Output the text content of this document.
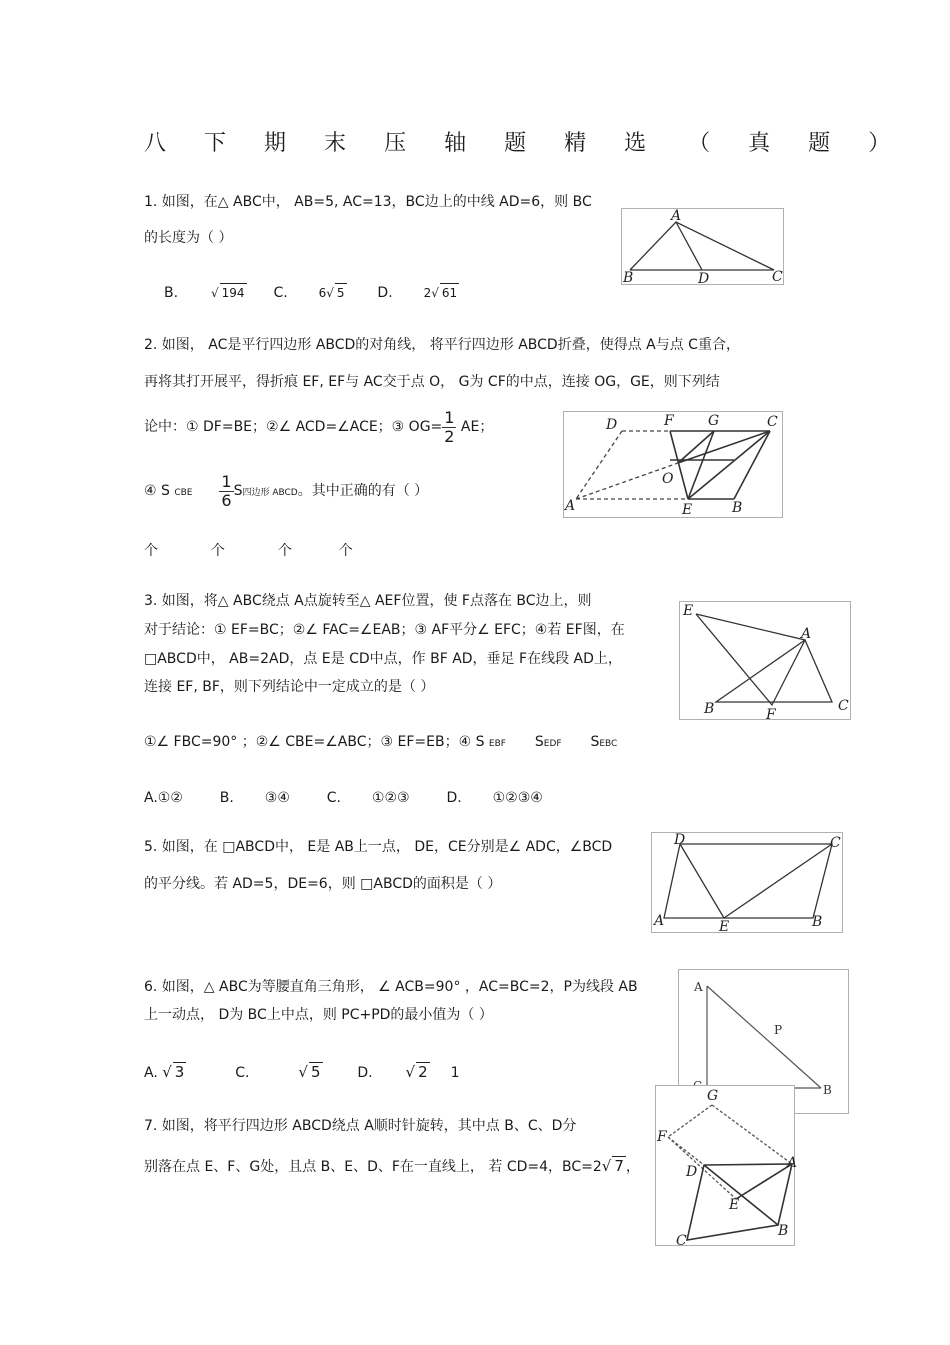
八 下 期 末 压 轴 题 精 选 （ 真 题 ）
1. 如图，在△ ABC中， AB=5, AC=13，BC边上的中线 AD=6，则 BC
的长度为（ ）
B.	√ 194 C.	6√ 5 D.	2√ 61
A
B	D	C
2. 如图， AC是平行四边形 ABCD的对角线， 将平行四边形 ABCD折叠，使得点 A与点 C重合，
再将其打开展平，得折痕 EF, EF与 AC交于点 O， G为 CF的中点，连接 OG，GE，则下列结
论中：① DF=BE；②∠ ACD=∠ACE；③ $OG= \frac{1}{2}$ AE；
④ S CBE $\frac{1}{6}$ S四边形 ABCD。其中正确的有（ ）
个	个	个	个
D	F G	C
O
A	E	B
3. 如图，将△ ABC绕点 A点旋转至△ AEF位置，使 F点落在 BC边上，则
对于结论：① EF=BC；②∠ FAC=∠EAB；③ AF平分∠ EFC；④若 EF图，在
□ABCD中， AB=2AD，点 E是 CD中点，作 BF AD，垂足 F在线段 AD上，
连接 EF, BF，则下列结论中一定成立的是（ ）
①∠ FBC=90° ；②∠ CBE=∠ABC；③ EF=EB；④ S EBF SEDF SEBC
A.①②	B. ③④	C. ①②③	D. ①②③④
E
A
B	F
C
5. 如图，在 □ABCD中， E是 AB上一点， DE，CE分别是∠ ADC，∠BCD
的平分线。若 AD=5，DE=6，则 □ABCD的面积是（ ）
D	C
A	E	B
6. 如图，△ ABC为等腰直角三角形， ∠ ACB=90° ，AC=BC=2，P为线段 AB
上一动点， D为 BC上中点，则 PC+PD的最小值为（ ）
A. √ 3	C.	√ 5	D. √ 2 1
A
P
B
7. 如图，将平行四边形 ABCD绕点 A顺时针旋转，其中点 B、C、D分
别落在点 E、F、G处，且点 B、E、D、F在一直线上， 若 CD=4，BC=2√ 7 ，
G
F
D
A
E
B
C
